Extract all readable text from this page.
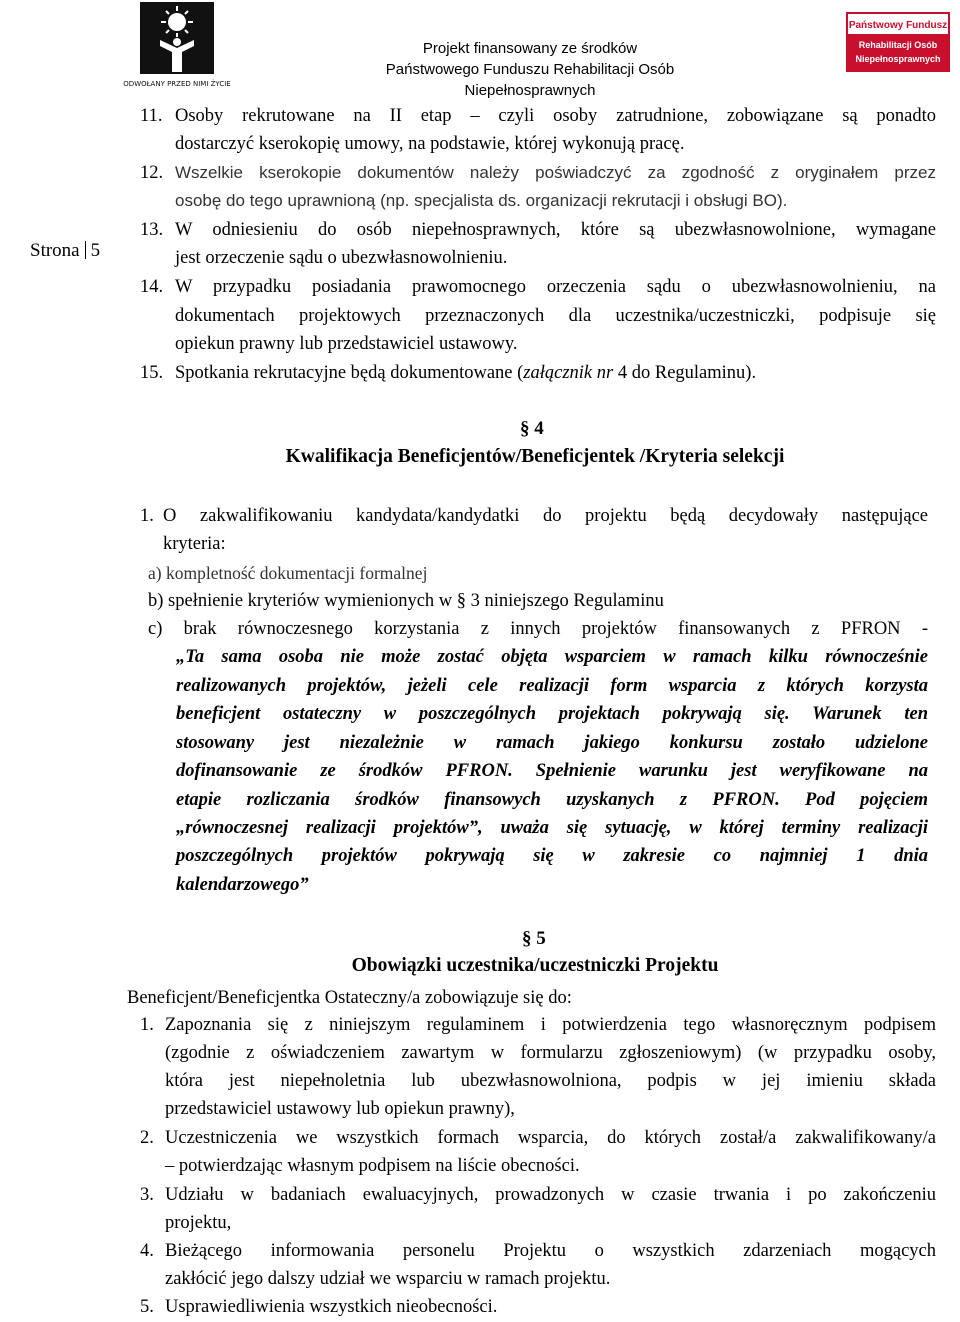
ODWOŁANY PRZED NIMI ŻYCIE
Projekt finansowany ze środków
Państwowego Funduszu Rehabilitacji Osób Niepełnosprawnych
Państwowy Fundusz
Rehabilitacji Osób
Niepełnosprawnych
Strona 5
11. Osoby rekrutowane na II etap – czyli osoby zatrudnione, zobowiązane są ponadto
dostarczyć kserokopię umowy, na podstawie, której wykonują pracę.
12. Wszelkie kserokopie dokumentów należy poświadczyć za zgodność z oryginałem przez
osobę do tego uprawnioną (np. specjalista ds. organizacji rekrutacji i obsługi BO).
13. W odniesieniu do osób niepełnosprawnych, które są ubezwłasnowolnione, wymagane
jest orzeczenie sądu o ubezwłasnowolnieniu.
14. W przypadku posiadania prawomocnego orzeczenia sądu o ubezwłasnowolnieniu, na
dokumentach projektowych przeznaczonych dla uczestnika/uczestniczki, podpisuje się
opiekun prawny lub przedstawiciel ustawowy.
15. Spotkania rekrutacyjne będą dokumentowane (załącznik nr 4 do Regulaminu).
§ 4
Kwalifikacja Beneficjentów/Beneficjentek /Kryteria selekcji
1. O zakwalifikowaniu kandydata/kandydatki do projektu będą decydowały następujące
kryteria:
a) kompletność dokumentacji formalnej
b) spełnienie kryteriów wymienionych w § 3 niniejszego Regulaminu
c) brak równoczesnego korzystania z innych projektów finansowanych z PFRON -
„Ta sama osoba nie może zostać objęta wsparciem w ramach kilku równocześnie
realizowanych projektów, jeżeli cele realizacji form wsparcia z których korzysta
beneficjent ostateczny w poszczególnych projektach pokrywają się. Warunek ten
stosowany jest niezależnie w ramach jakiego konkursu zostało udzielone
dofinansowanie ze środków PFRON. Spełnienie warunku jest weryfikowane na
etapie rozliczania środków finansowych uzyskanych z PFRON. Pod pojęciem
„równoczesnej realizacji projektów”, uważa się sytuację, w której terminy realizacji
poszczególnych projektów pokrywają się w zakresie co najmniej 1 dnia
kalendarzowego”
§ 5
Obowiązki uczestnika/uczestniczki Projektu
Beneficjent/Beneficjentka Ostateczny/a zobowiązuje się do:
1. Zapoznania się z niniejszym regulaminem i potwierdzenia tego własnoręcznym podpisem
(zgodnie z oświadczeniem zawartym w formularzu zgłoszeniowym) (w przypadku osoby,
która jest niepełnoletnia lub ubezwłasnowolniona, podpis w jej imieniu składa
przedstawiciel ustawowy lub opiekun prawny),
2. Uczestniczenia we wszystkich formach wsparcia, do których został/a zakwalifikowany/a
– potwierdzając własnym podpisem na liście obecności.
3. Udziału w badaniach ewaluacyjnych, prowadzonych w czasie trwania i po zakończeniu
projektu,
4. Bieżącego informowania personelu Projektu o wszystkich zdarzeniach mogących
zakłócić jego dalszy udział we wsparciu w ramach projektu.
5. Usprawiedliwienia wszystkich nieobecności.
